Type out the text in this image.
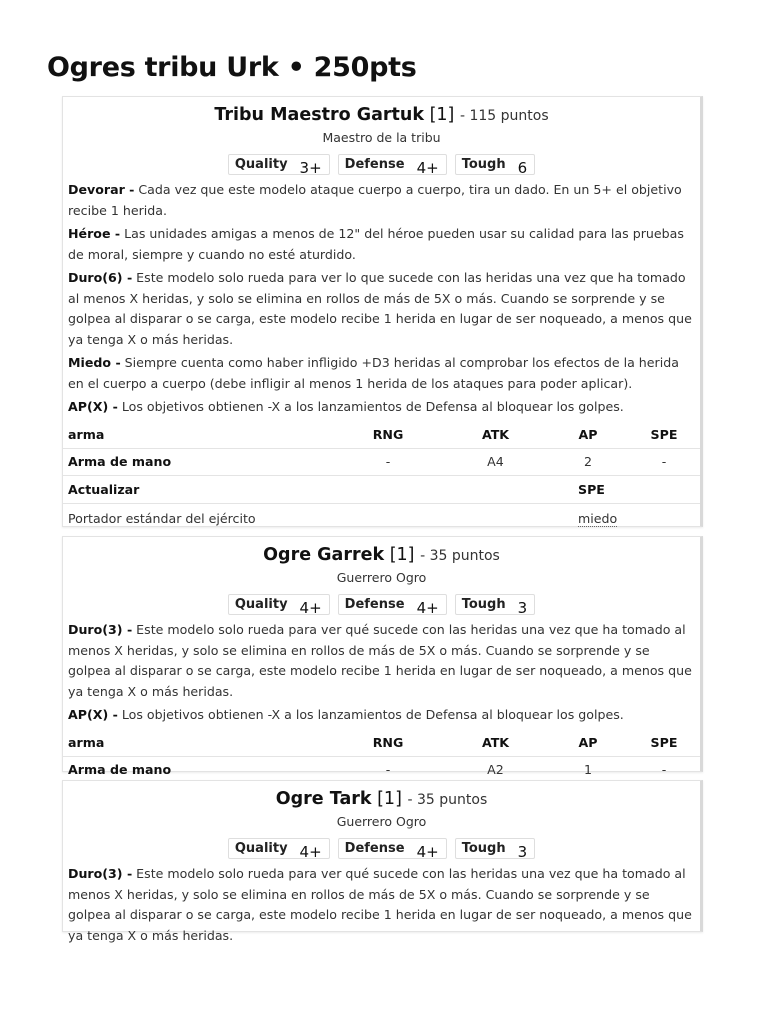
Ogres tribu Urk • 250pts
Tribu Maestro Gartuk [1] - 115 puntos
Maestro de la tribu
Quality 3+ Defense 4+ Tough 6
Devorar - Cada vez que este modelo ataque cuerpo a cuerpo, tira un dado. En un 5+ el objetivo recibe 1 herida.
Héroe - Las unidades amigas a menos de 12" del héroe pueden usar su calidad para las pruebas de moral, siempre y cuando no esté aturdido.
Duro(6) - Este modelo solo rueda para ver lo que sucede con las heridas una vez que ha tomado al menos X heridas, y solo se elimina en rollos de más de 5X o más. Cuando se sorprende y se golpea al disparar o se carga, este modelo recibe 1 herida en lugar de ser noqueado, a menos que ya tenga X o más heridas.
Miedo - Siempre cuenta como haber infligido +D3 heridas al comprobar los efectos de la herida en el cuerpo a cuerpo (debe infligir al menos 1 herida de los ataques para poder aplicar).
AP(X) - Los objetivos obtienen -X a los lanzamientos de Defensa al bloquear los golpes.
arma	RNG	ATK	AP	SPE
Arma de mano	-	A4	2	-
Actualizar	SPE
Portador estándar del ejército	miedo
Ogre Garrek [1] - 35 puntos
Guerrero Ogro
Quality 4+ Defense 4+ Tough 3
Duro(3) - Este modelo solo rueda para ver qué sucede con las heridas una vez que ha tomado al menos X heridas, y solo se elimina en rollos de más de 5X o más. Cuando se sorprende y se golpea al disparar o se carga, este modelo recibe 1 herida en lugar de ser noqueado, a menos que ya tenga X o más heridas.
AP(X) - Los objetivos obtienen -X a los lanzamientos de Defensa al bloquear los golpes.
arma	RNG	ATK	AP	SPE
Arma de mano	-	A2	1	-
Ogre Tark [1] - 35 puntos
Guerrero Ogro
Quality 4+ Defense 4+ Tough 3
Duro(3) - Este modelo solo rueda para ver qué sucede con las heridas una vez que ha tomado al menos X heridas, y solo se elimina en rollos de más de 5X o más. Cuando se sorprende y se golpea al disparar o se carga, este modelo recibe 1 herida en lugar de ser noqueado, a menos que ya tenga X o más heridas.
